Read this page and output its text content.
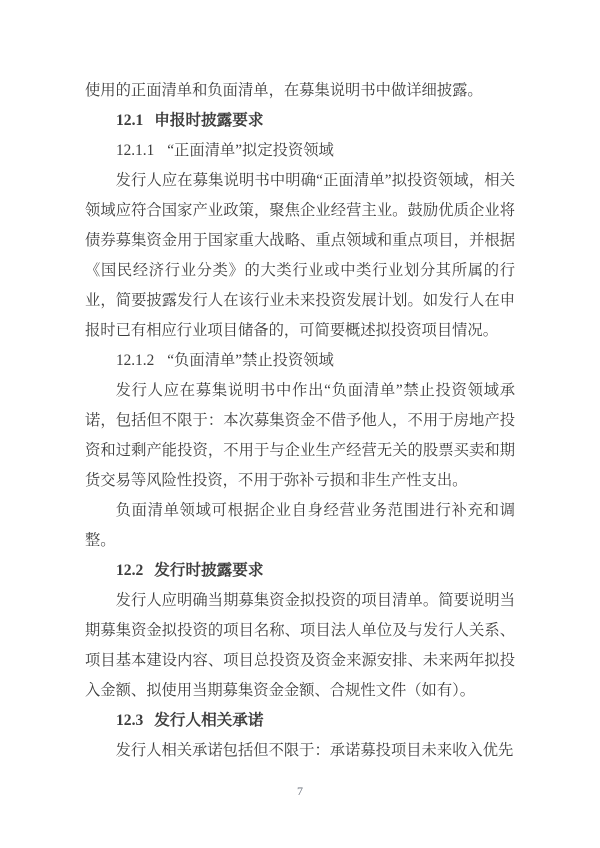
使用的正面清单和负面清单，在募集说明书中做详细披露。

12.1 申报时披露要求

12.1.1 “正面清单”拟定投资领域

发行人应在募集说明书中明确“正面清单”拟投资领域，相关领域应符合国家产业政策，聚焦企业经营主业。鼓励优质企业将债券募集资金用于国家重大战略、重点领域和重点项目，并根据《国民经济行业分类》的大类行业或中类行业划分其所属的行业，简要披露发行人在该行业未来投资发展计划。如发行人在申报时已有相应行业项目储备的，可简要概述拟投资项目情况。

12.1.2 “负面清单”禁止投资领域

发行人应在募集说明书中作出“负面清单”禁止投资领域承诺，包括但不限于：本次募集资金不借予他人，不用于房地产投资和过剩产能投资，不用于与企业生产经营无关的股票买卖和期货交易等风险性投资，不用于弥补亏损和非生产性支出。

负面清单领域可根据企业自身经营业务范围进行补充和调整。

12.2 发行时披露要求

发行人应明确当期募集资金拟投资的项目清单。简要说明当期募集资金拟投资的项目名称、项目法人单位及与发行人关系、项目基本建设内容、项目总投资及资金来源安排、未来两年拟投入金额、拟使用当期募集资金金额、合规性文件（如有）。

12.3 发行人相关承诺

发行人相关承诺包括但不限于：承诺募投项目未来收入优先

7
